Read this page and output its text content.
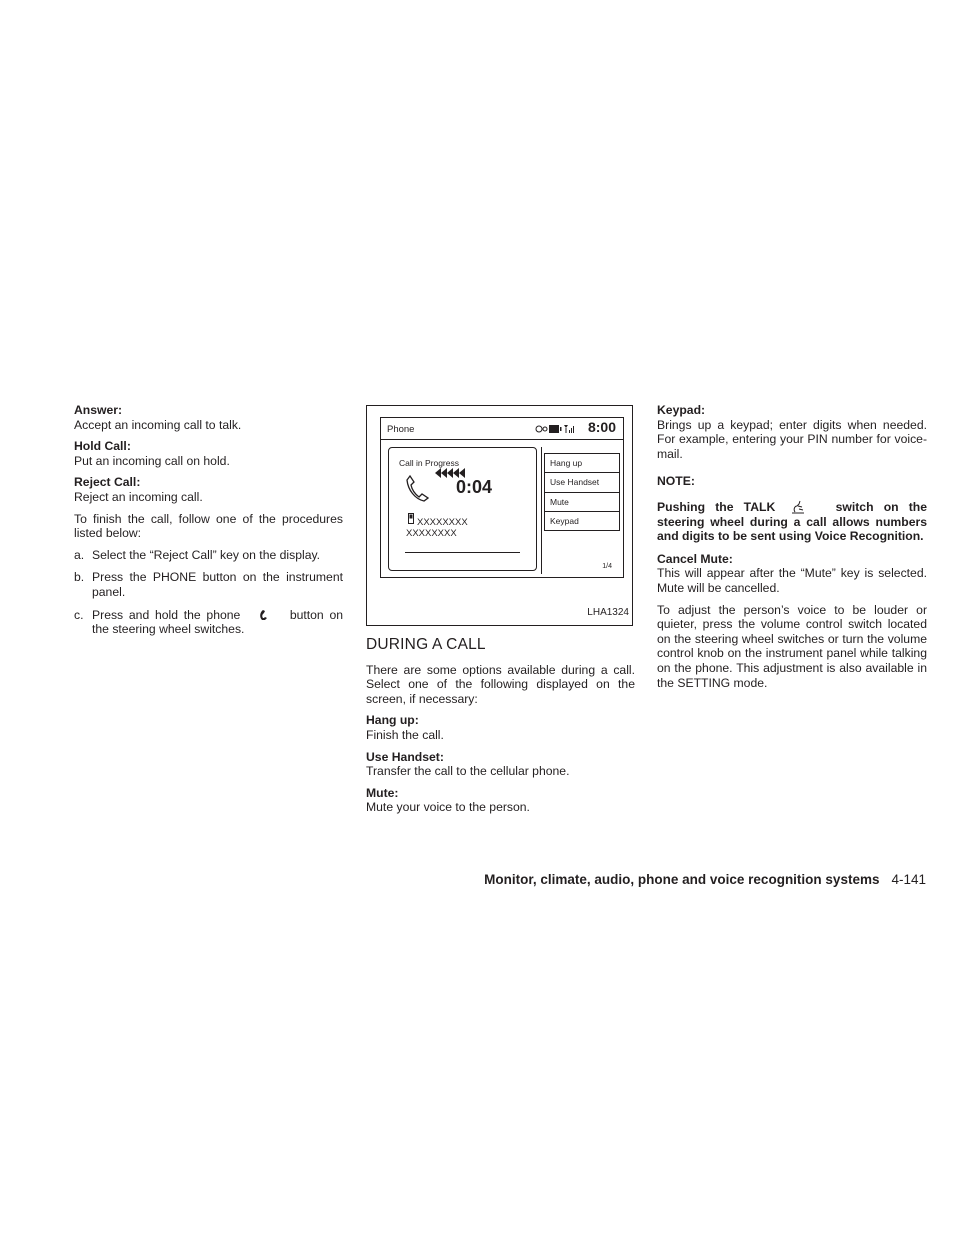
Answer:
Accept an incoming call to talk.
Hold Call:
Put an incoming call on hold.
Reject Call:
Reject an incoming call.
To finish the call, follow one of the procedures listed below:
a. Select the “Reject Call” key on the display.
b. Press the PHONE button on the instrument panel.
c. Press and hold the phone	button on the steering wheel switches.
Phone	8:00
Call in Progress
0:04
XXXXXXXX
XXXXXXXX
Hang up
Use Handset
Mute
Keypad
1/4
LHA1324
DURING A CALL
There are some options available during a call. Select one of the following displayed on the screen, if necessary:
Hang up:
Finish the call.
Use Handset:
Transfer the call to the cellular phone.
Mute:
Mute your voice to the person.
Keypad:
Brings up a keypad; enter digits when needed. For example, entering your PIN number for voice-mail.
NOTE:
Pushing the TALK	switch on the steering wheel during a call allows numbers and digits to be sent using Voice Recognition.
Cancel Mute:
This will appear after the “Mute” key is selected. Mute will be cancelled.
To adjust the person’s voice to be louder or quieter, press the volume control switch located on the steering wheel switches or turn the volume control knob on the instrument panel while talking on the phone. This adjustment is also available in the SETTING mode.
Monitor, climate, audio, phone and voice recognition systems 4-141
